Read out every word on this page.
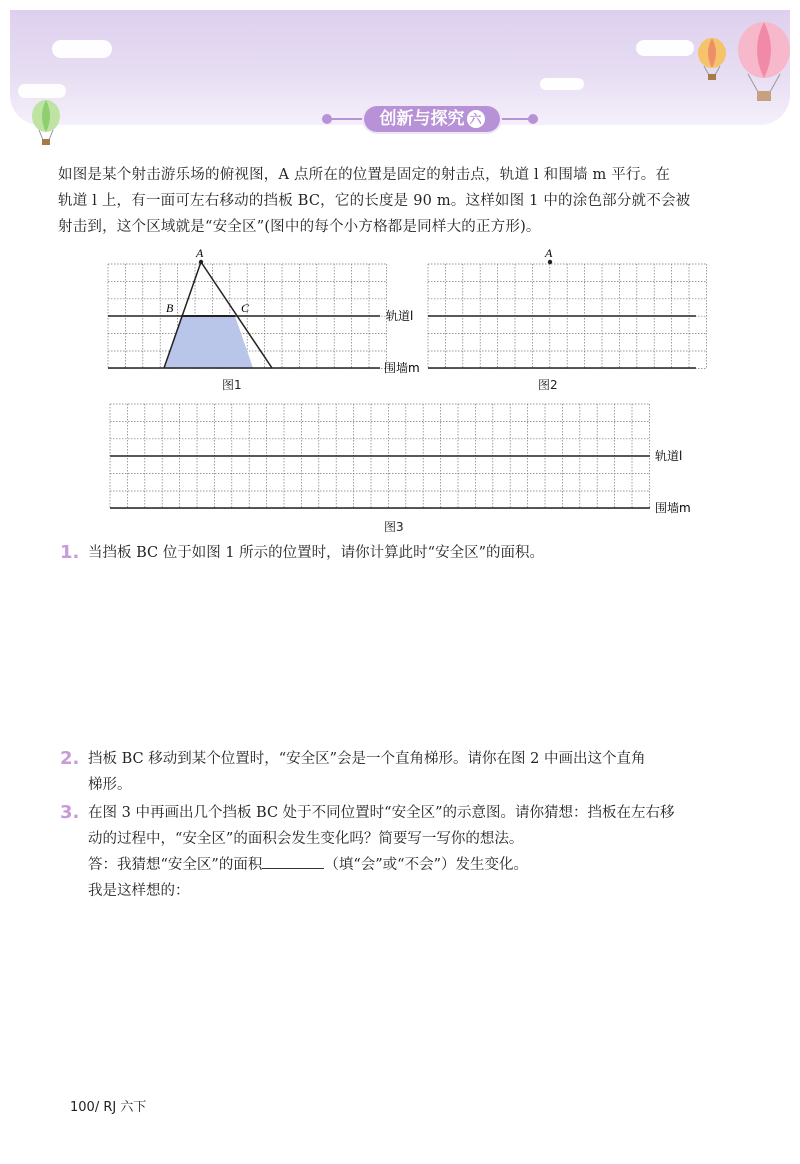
创新与探究 六

如图是某个射击游乐场的俯视图，A 点所在的位置是固定的射击点，轨道 l 和围墙 m 平行。在

轨道 l 上，有一面可左右移动的挡板 BC，它的长度是 90 m。这样如图 1 中的涂色部分就不会被

射击到，这个区域就是“安全区”(图中的每个小方格都是同样大的正方形)。

A
B	C
轨道l
围墙m
图1
A
图2
轨道l
围墙m
图3
1. 当挡板 BC 位于如图 1 所示的位置时，请你计算此时“安全区”的面积。
2. 挡板 BC 移动到某个位置时，“安全区”会是一个直角梯形。请你在图 2 中画出这个直角
梯形。
3. 在图 3 中再画出几个挡板 BC 处于不同位置时“安全区”的示意图。请你猜想：挡板在左右移
动的过程中，“安全区”的面积会发生变化吗？简要写一写你的想法。
答：我猜想“安全区”的面积	（填“会”或“不会”）发生变化。
我是这样想的：
100/ RJ 六下
